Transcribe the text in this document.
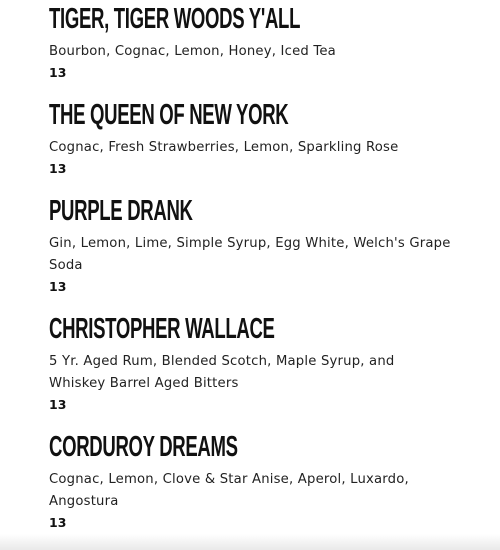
TIGER, TIGER WOODS Y'ALL
Bourbon, Cognac, Lemon, Honey, Iced Tea
13
THE QUEEN OF NEW YORK
Cognac, Fresh Strawberries, Lemon, Sparkling Rose
13
PURPLE DRANK
Gin, Lemon, Lime, Simple Syrup, Egg White, Welch's Grape
Soda
13
CHRISTOPHER WALLACE
5 Yr. Aged Rum, Blended Scotch, Maple Syrup, and
Whiskey Barrel Aged Bitters
13
CORDUROY DREAMS
Cognac, Lemon, Clove & Star Anise, Aperol, Luxardo,
Angostura
13
